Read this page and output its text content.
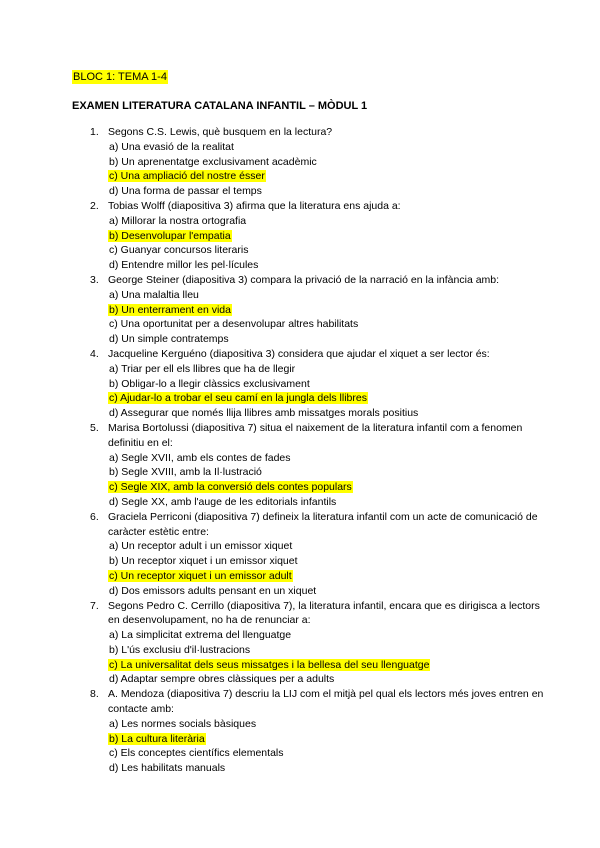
BLOC 1: TEMA 1-4
EXAMEN LITERATURA CATALANA INFANTIL – MÒDUL 1
1. Segons C.S. Lewis, què busquem en la lectura?
a) Una evasió de la realitat
b) Un aprenentatge exclusivament acadèmic
c) Una ampliació del nostre ésser
d) Una forma de passar el temps
2. Tobias Wolff (diapositiva 3) afirma que la literatura ens ajuda a:
a) Millorar la nostra ortografia
b) Desenvolupar l'empatia
c) Guanyar concursos literaris
d) Entendre millor les pel·lícules
3. George Steiner (diapositiva 3) compara la privació de la narració en la infància amb:
a) Una malaltia lleu
b) Un enterrament en vida
c) Una oportunitat per a desenvolupar altres habilitats
d) Un simple contratemps
4. Jacqueline Kerguéno (diapositiva 3) considera que ajudar el xiquet a ser lector és:
a) Triar per ell els llibres que ha de llegir
b) Obligar-lo a llegir clàssics exclusivament
c) Ajudar-lo a trobar el seu camí en la jungla dels llibres
d) Assegurar que només llija llibres amb missatges morals positius
5. Marisa Bortolussi (diapositiva 7) situa el naixement de la literatura infantil com a fenomen definitiu en el:
a) Segle XVII, amb els contes de fades
b) Segle XVIII, amb la Il·lustració
c) Segle XIX, amb la conversió dels contes populars
d) Segle XX, amb l'auge de les editorials infantils
6. Graciela Perriconi (diapositiva 7) defineix la literatura infantil com un acte de comunicació de caràcter estètic entre:
a) Un receptor adult i un emissor xiquet
b) Un receptor xiquet i un emissor xiquet
c) Un receptor xiquet i un emissor adult
d) Dos emissors adults pensant en un xiquet
7. Segons Pedro C. Cerrillo (diapositiva 7), la literatura infantil, encara que es dirigisca a lectors en desenvolupament, no ha de renunciar a:
a) La simplicitat extrema del llenguatge
b) L'ús exclusiu d'il·lustracions
c) La universalitat dels seus missatges i la bellesa del seu llenguatge
d) Adaptar sempre obres clàssiques per a adults
8. A. Mendoza (diapositiva 7) descriu la LIJ com el mitjà pel qual els lectors més joves entren en contacte amb:
a) Les normes socials bàsiques
b) La cultura literària
c) Els conceptes científics elementals
d) Les habilitats manuals
